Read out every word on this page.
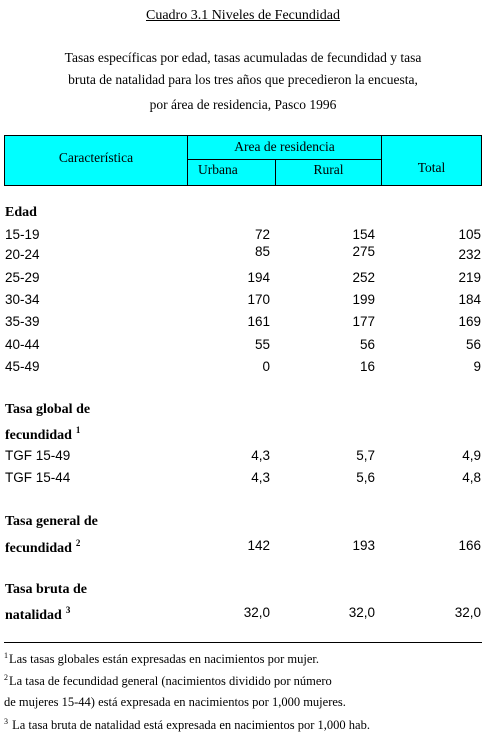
Cuadro 3.1 Niveles de Fecundidad
Tasas específicas por edad, tasas acumuladas de fecundidad y tasa
bruta de natalidad para los tres años que precedieron la encuesta,
por área de residencia, Pasco 1996
Característica
Area de residencia
Urbana	Rural	Total
Edad
15-19	72	154	105
20-24	85	275	232
25-29	194	252	219
30-34	170	199	184
35-39	161	177	169
40-44	55	56	56
45-49	0	16	9
Tasa global de
fecundidad $^1$
TGF 15-49	4,3	5,7	4,9
TGF 15-44	4,3	5,6	4,8
Tasa general de
fecundidad $^2$	142	193	166
Tasa bruta de
natalidad $^3$	32,0	32,0	32,0
$^1$Las tasas globales están expresadas en nacimientos por mujer.
$^2$La tasa de fecundidad general (nacimientos dividido por número
de mujeres 15-44) está expresada en nacimientos por 1,000 mujeres.
$^3$ La tasa bruta de natalidad está expresada en nacimientos por 1,000 hab.
